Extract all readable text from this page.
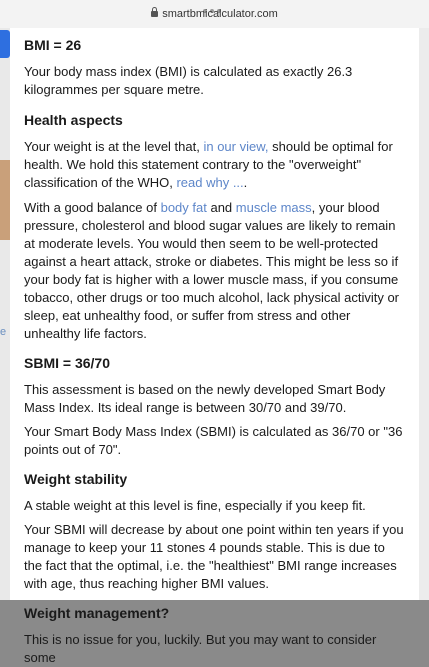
smartbmicalculator.com
e
BMI = 26

Your body mass index (BMI) is calculated as exactly 26.3 kilogrammes per square metre.

Health aspects

Your weight is at the level that, in our view, should be optimal for health. We hold this statement contrary to the "overweight" classification of the WHO, read why ....

With a good balance of body fat and muscle mass, your blood pressure, cholesterol and blood sugar values are likely to remain at moderate levels. You would then seem to be well-protected against a heart attack, stroke or diabetes. This might be less so if your body fat is higher with a lower muscle mass, if you consume tobacco, other drugs or too much alcohol, lack physical activity or sleep, eat unhealthy food, or suffer from stress and other unhealthy life factors.

SBMI = 36/70

This assessment is based on the newly developed Smart Body Mass Index. Its ideal range is between 30/70 and 39/70.

Your Smart Body Mass Index (SBMI) is calculated as 36/70 or "36 points out of 70".

Weight stability

A stable weight at this level is fine, especially if you keep fit.

Your SBMI will decrease by about one point within ten years if you manage to keep your 11 stones 4 pounds stable. This is due to the fact that the optimal, i.e. the "healthiest" BMI range increases with age, thus reaching higher BMI values.

Weight management?

This is no issue for you, luckily. But you may want to consider some
